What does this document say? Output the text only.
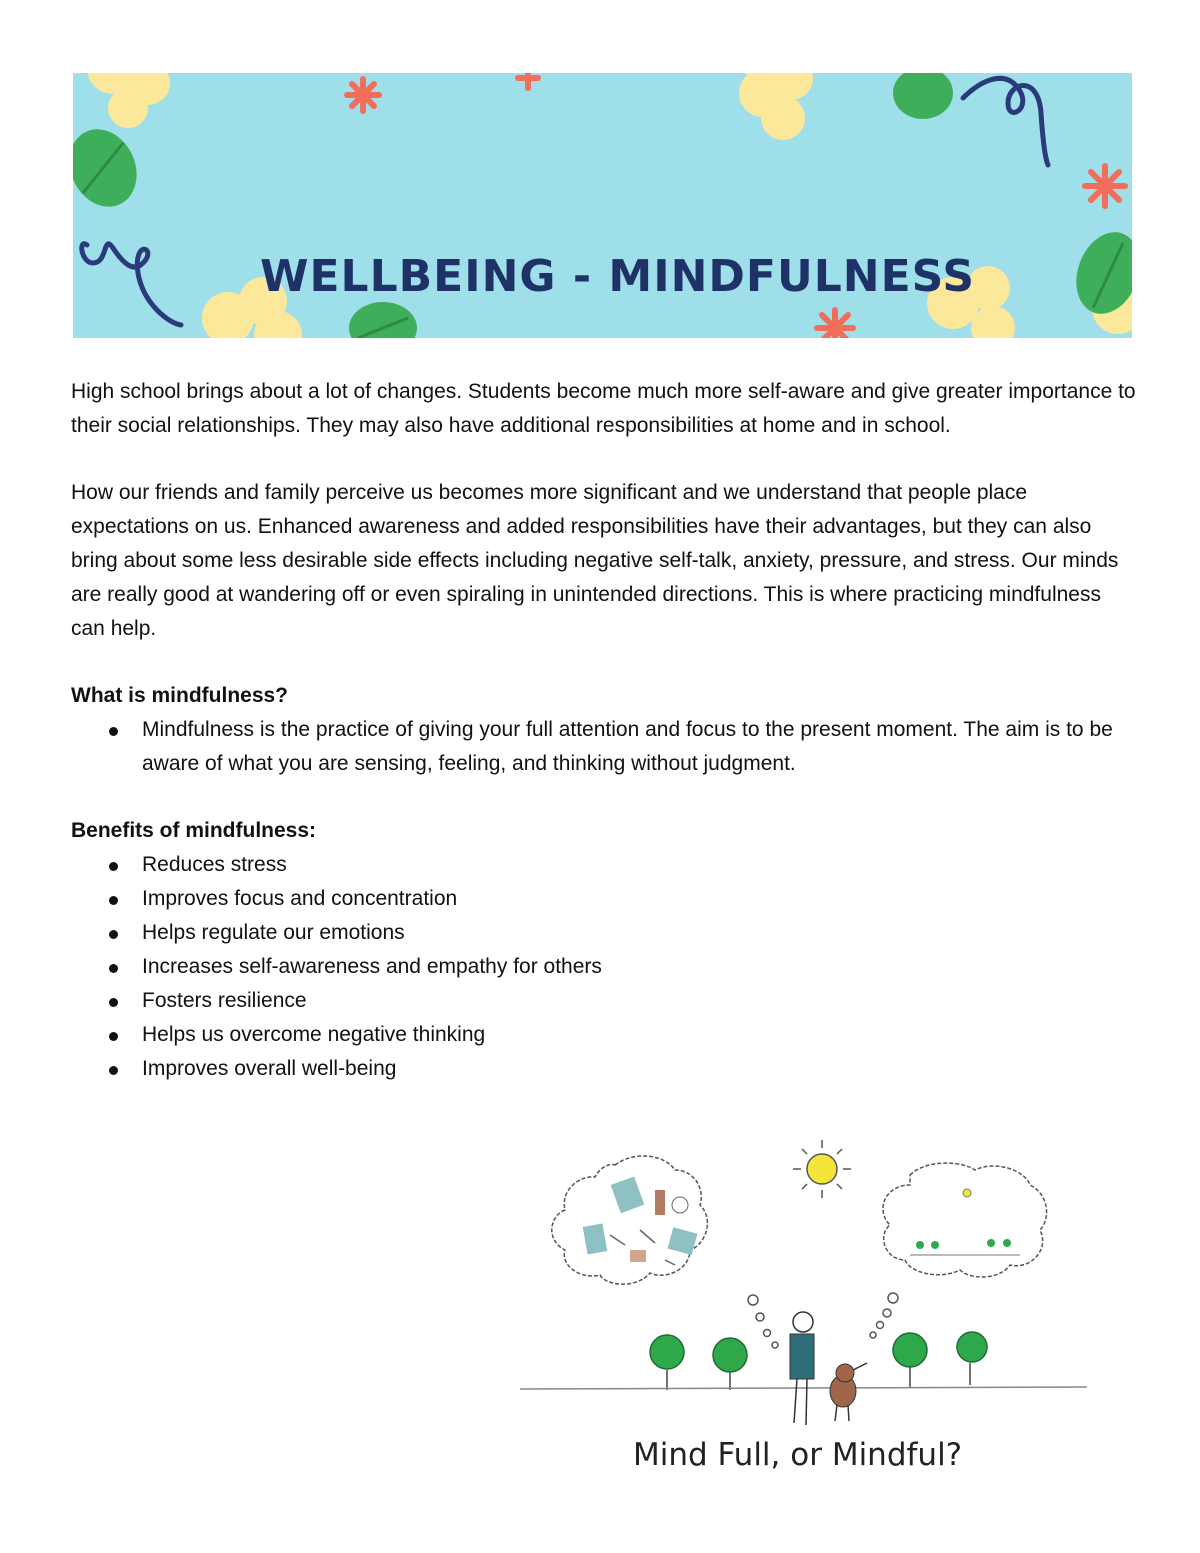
WELLBEING - MINDFULNESS

High school brings about a lot of changes. Students become much more self-aware and give greater importance to their social relationships. They may also have additional responsibilities at home and in school.

How our friends and family perceive us becomes more significant and we understand that people place expectations on us. Enhanced awareness and added responsibilities have their advantages, but they can also bring about some less desirable side effects including negative self-talk, anxiety, pressure, and stress. Our minds are really good at wandering off or even spiraling in unintended directions. This is where practicing mindfulness can help.

What is mindfulness?
Mindfulness is the practice of giving your full attention and focus to the present moment. The aim is to be aware of what you are sensing, feeling, and thinking without judgment.
Benefits of mindfulness:
Reduces stress
Improves focus and concentration
Helps regulate our emotions
Increases self-awareness and empathy for others
Fosters resilience
Helps us overcome negative thinking
Improves overall well-being
Mind Full, or Mindful?
